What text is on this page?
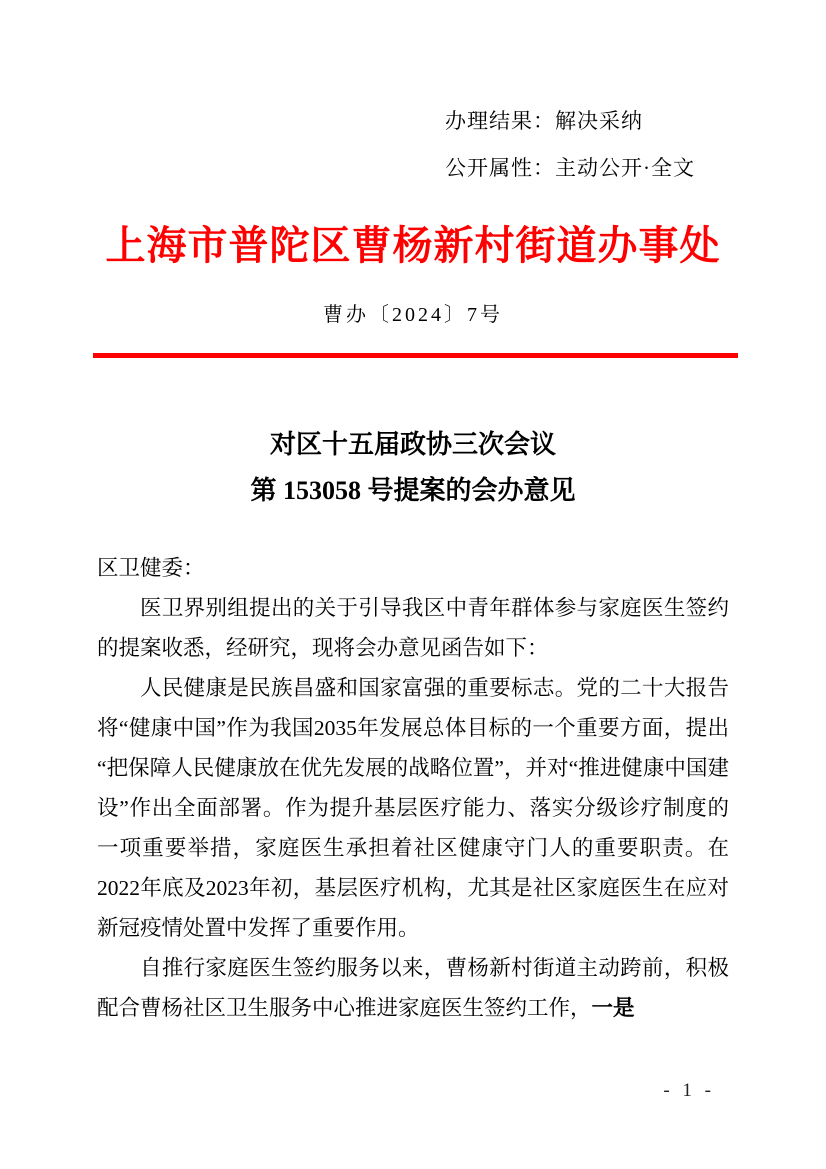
办理结果：解决采纳
公开属性：主动公开·全文
上海市普陀区曹杨新村街道办事处
曹办〔2024〕7号
对区十五届政协三次会议
第 153058 号提案的会办意见

区卫健委：

医卫界别组提出的关于引导我区中青年群体参与家庭医生签约的提案收悉，经研究，现将会办意见函告如下：

人民健康是民族昌盛和国家富强的重要标志。党的二十大报告将“健康中国”作为我国2035年发展总体目标的一个重要方面，提出“把保障人民健康放在优先发展的战略位置”，并对“推进健康中国建设”作出全面部署。作为提升基层医疗能力、落实分级诊疗制度的一项重要举措，家庭医生承担着社区健康守门人的重要职责。在2022年底及2023年初，基层医疗机构，尤其是社区家庭医生在应对新冠疫情处置中发挥了重要作用。

自推行家庭医生签约服务以来，曹杨新村街道主动跨前，积极配合曹杨社区卫生服务中心推进家庭医生签约工作，一是

- 1 -
